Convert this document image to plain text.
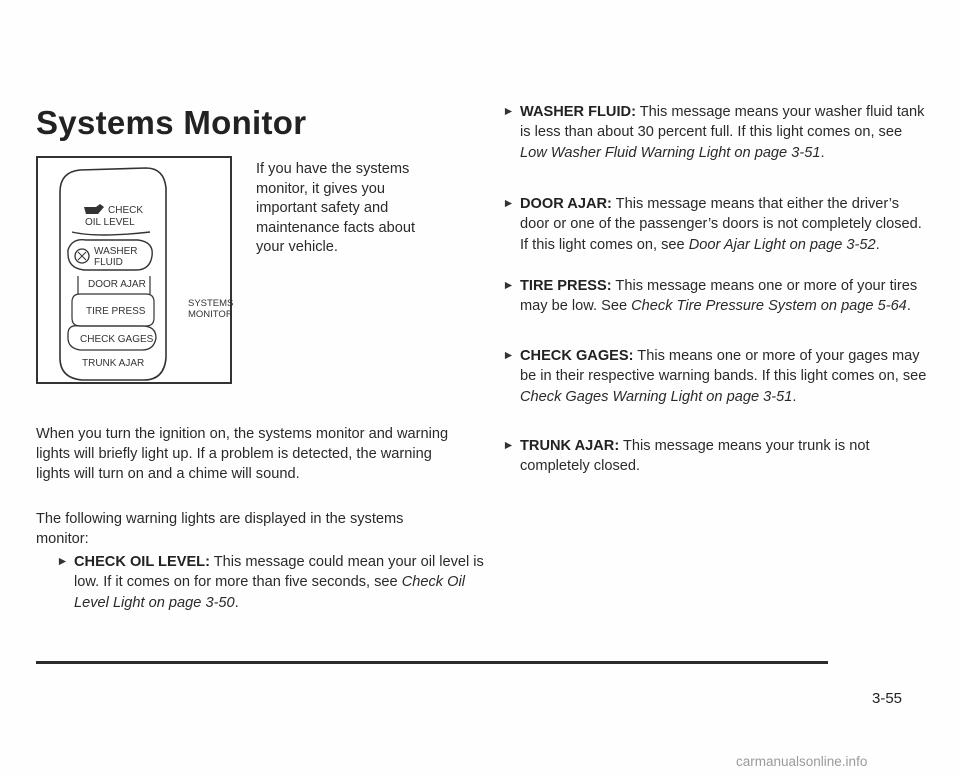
Systems Monitor
CHECK
OIL LEVEL
WASHER
FLUID
DOOR AJAR
TIRE PRESS
CHECK GAGES
TRUNK AJAR
SYSTEMS
MONITOR

If you have the systems monitor, it gives you important safety and maintenance facts about your vehicle.

When you turn the ignition on, the systems monitor and warning lights will briefly light up. If a problem is detected, the warning lights will turn on and a chime will sound.

The following warning lights are displayed in the systems monitor:

CHECK OIL LEVEL: This message could mean your oil level is low. If it comes on for more than five seconds, see Check Oil Level Light on page 3-50.

WASHER FLUID: This message means your washer fluid tank is less than about 30 percent full. If this light comes on, see Low Washer Fluid Warning Light on page 3-51.

DOOR AJAR: This message means that either the driver’s door or one of the passenger’s doors is not completely closed. If this light comes on, see Door Ajar Light on page 3-52.

TIRE PRESS: This message means one or more of your tires may be low. See Check Tire Pressure System on page 5-64.

CHECK GAGES: This means one or more of your gages may be in their respective warning bands. If this light comes on, see Check Gages Warning Light on page 3-51.

TRUNK AJAR: This message means your trunk is not completely closed.

3-55
carmanualsonline.info
